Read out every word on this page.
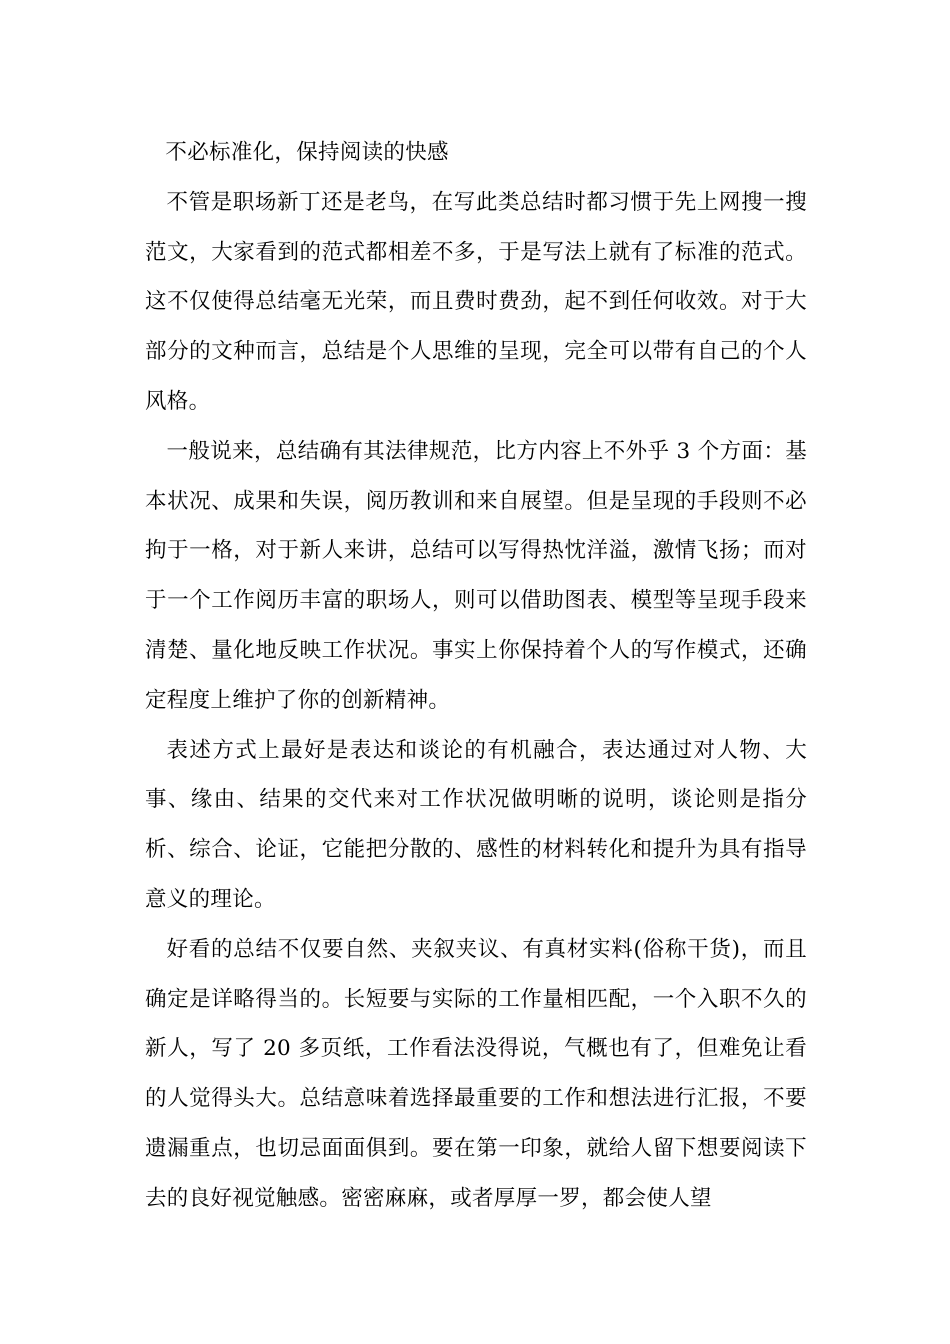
不必标准化，保持阅读的快感

不管是职场新丁还是老鸟，在写此类总结时都习惯于先上网搜一搜范文，大家看到的范式都相差不多，于是写法上就有了标准的范式。这不仅使得总结毫无光荣，而且费时费劲，起不到任何收效。对于大部分的文种而言，总结是个人思维的呈现，完全可以带有自己的个人风格。

一般说来，总结确有其法律规范，比方内容上不外乎 3 个方面：基本状况、成果和失误，阅历教训和来自展望。但是呈现的手段则不必拘于一格，对于新人来讲，总结可以写得热忱洋溢，激情飞扬；而对于一个工作阅历丰富的职场人，则可以借助图表、模型等呈现手段来清楚、量化地反映工作状况。事实上你保持着个人的写作模式，还确定程度上维护了你的创新精神。

表述方式上最好是表达和谈论的有机融合，表达通过对人物、大事、缘由、结果的交代来对工作状况做明晰的说明，谈论则是指分析、综合、论证，它能把分散的、感性的材料转化和提升为具有指导意义的理论。

好看的总结不仅要自然、夹叙夹议、有真材实料(俗称干货)，而且确定是详略得当的。长短要与实际的工作量相匹配，一个入职不久的新人，写了 20 多页纸，工作看法没得说，气概也有了，但难免让看的人觉得头大。总结意味着选择最重要的工作和想法进行汇报，不要遗漏重点，也切忌面面俱到。要在第一印象，就给人留下想要阅读下去的良好视觉触感。密密麻麻，或者厚厚一罗，都会使人望
